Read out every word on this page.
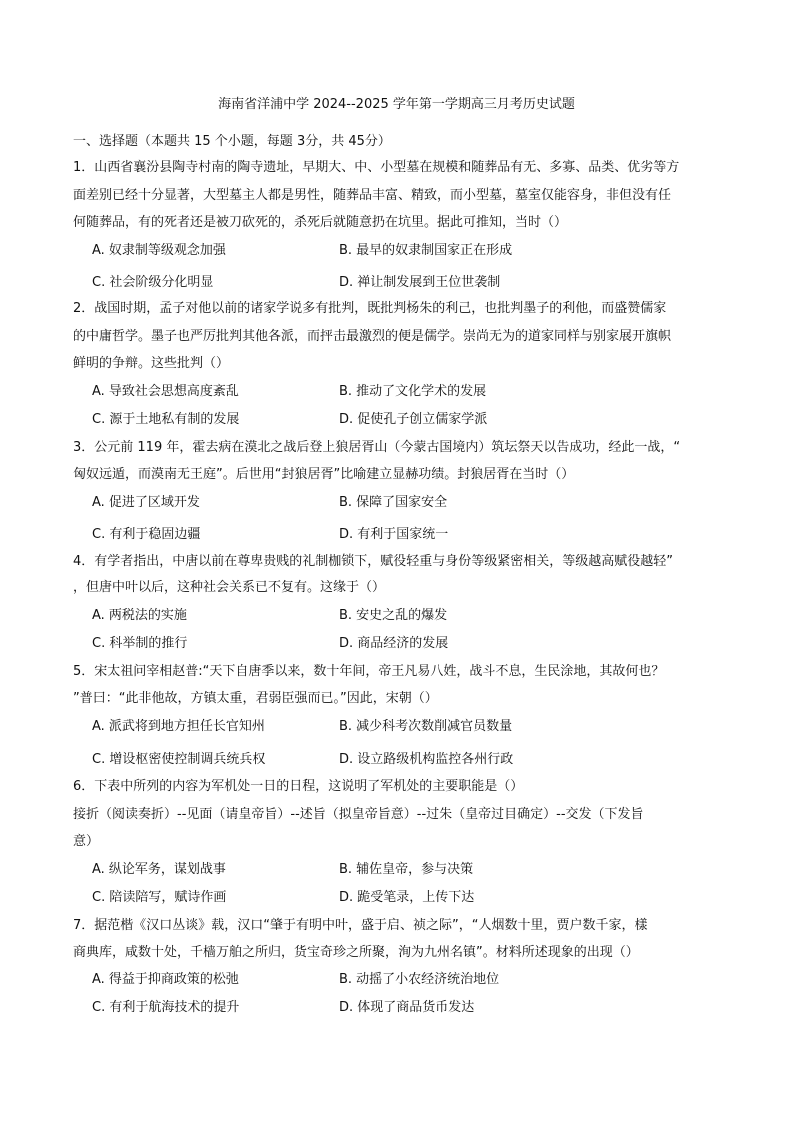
海南省洋浦中学 2024--2025 学年第一学期高三月考历史试题
一、选择题（本题共 15 个小题，每题 3分，共 45分）
1．山西省襄汾县陶寺村南的陶寺遗址，早期大、中、小型墓在规模和随葬品有无、多寡、品类、优劣等方
面差别已经十分显著，大型墓主人都是男性，随葬品丰富、精致，而小型墓，墓室仅能容身，非但没有任
何随葬品，有的死者还是被刀砍死的，杀死后就随意扔在坑里。据此可推知，当时（）
A. 奴隶制等级观念加强	B. 最早的奴隶制国家正在形成
C. 社会阶级分化明显	D. 禅让制发展到王位世袭制
2．战国时期，孟子对他以前的诸家学说多有批判，既批判杨朱的利己，也批判墨子的利他，而盛赞儒家
的中庸哲学。墨子也严厉批判其他各派，而抨击最激烈的便是儒学。崇尚无为的道家同样与别家展开旗帜
鲜明的争辩。这些批判（）
A. 导致社会思想高度紊乱	B. 推动了文化学术的发展
C. 源于土地私有制的发展	D. 促使孔子创立儒家学派
3．公元前 119 年，霍去病在漠北之战后登上狼居胥山（今蒙古国境内）筑坛祭天以告成功，经此一战，“
匈奴远遁，而漠南无王庭”。后世用“封狼居胥”比喻建立显赫功绩。封狼居胥在当时（）
A. 促进了区域开发	B. 保障了国家安全
C. 有利于稳固边疆	D. 有利于国家统一
4．有学者指出，中唐以前在尊卑贵贱的礼制枷锁下，赋役轻重与身份等级紧密相关，等级越高赋役越轻”
，但唐中叶以后，这种社会关系已不复有。这缘于（）
A. 两税法的实施	B. 安史之乱的爆发
C. 科举制的推行	D. 商品经济的发展
5．宋太祖问宰相赵普:“天下自唐季以来，数十年间，帝王凡易八姓，战斗不息，生民涂地，其故何也？
”普曰：“此非他故，方镇太重，君弱臣强而已。”因此，宋朝（）
A. 派武将到地方担任长官知州	B. 减少科考次数削减官员数量
C. 增设枢密使控制调兵统兵权	D. 设立路级机构监控各州行政
6．下表中所列的内容为军机处一日的日程，这说明了军机处的主要职能是（）
接折（阅读奏折）--见面（请皇帝旨）--述旨（拟皇帝旨意）--过朱（皇帝过目确定）--交发（下发旨
意）
A. 纵论军务，谋划战事	B. 辅佐皇帝，参与决策
C. 陪读陪写，赋诗作画	D. 跪受笔录，上传下达
7．据范楷《汉口丛谈》载，汉口“肇于有明中叶，盛于启、祯之际”，“人烟数十里，贾户数千家，樣
商典库，咸数十处，千樯万舶之所归，货宝奇珍之所聚，洵为九州名镇”。材料所述现象的出现（）
A. 得益于抑商政策的松弛	B. 动摇了小农经济统治地位
C. 有利于航海技术的提升	D. 体现了商品货币发达
